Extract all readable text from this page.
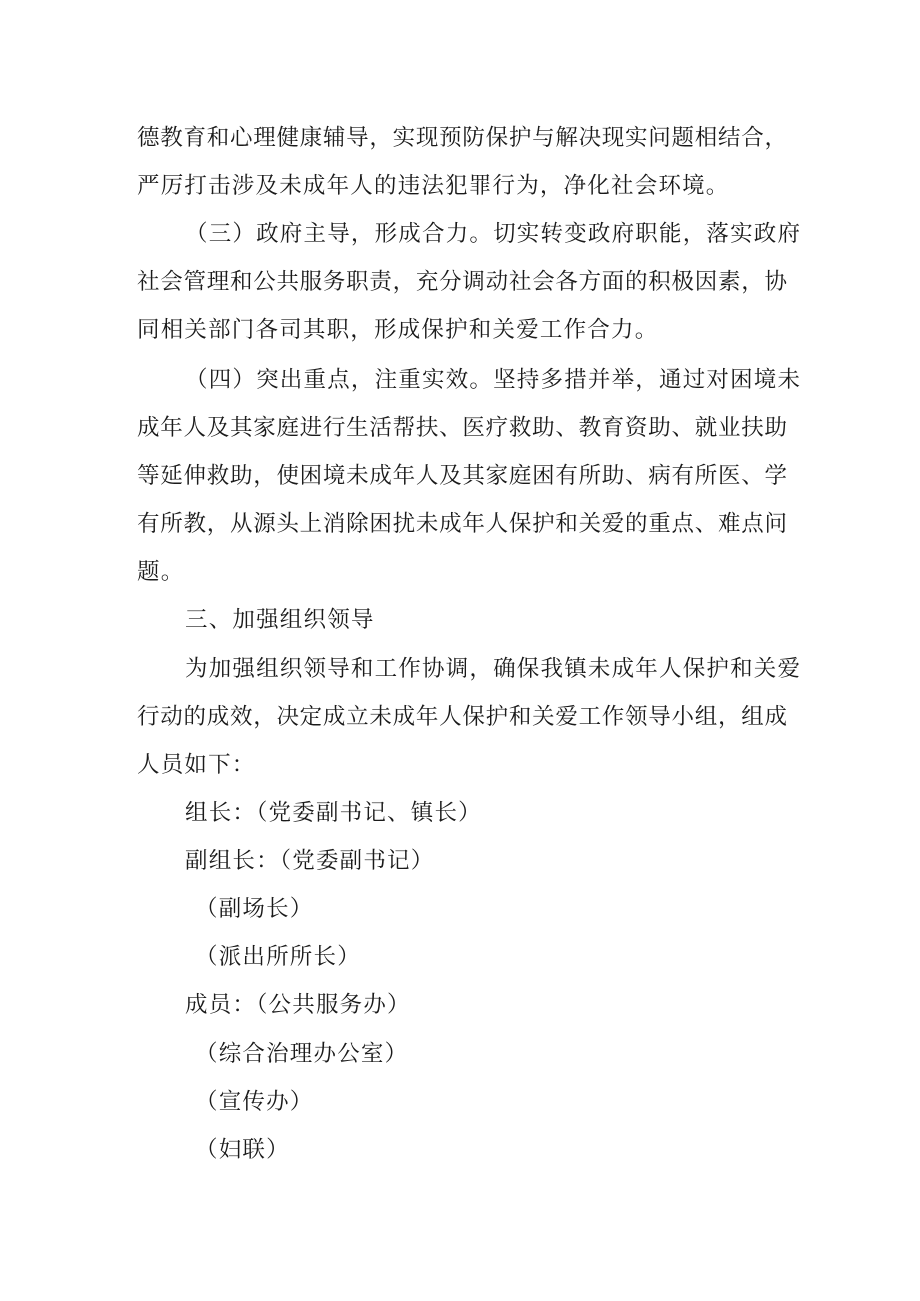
德教育和心理健康辅导，实现预防保护与解决现实问题相结合，
严厉打击涉及未成年人的违法犯罪行为，净化社会环境。
（三）政府主导，形成合力。切实转变政府职能，落实政府
社会管理和公共服务职责，充分调动社会各方面的积极因素，协
同相关部门各司其职，形成保护和关爱工作合力。
（四）突出重点，注重实效。坚持多措并举，通过对困境未
成年人及其家庭进行生活帮扶、医疗救助、教育资助、就业扶助
等延伸救助，使困境未成年人及其家庭困有所助、病有所医、学
有所教，从源头上消除困扰未成年人保护和关爱的重点、难点问
题。
三、加强组织领导
为加强组织领导和工作协调，确保我镇未成年人保护和关爱
行动的成效，决定成立未成年人保护和关爱工作领导小组，组成
人员如下：
组长：（党委副书记、镇长）
副组长：（党委副书记）
（副场长）
（派出所所长）
成员：（公共服务办）
（综合治理办公室）
（宣传办）
（妇联）
